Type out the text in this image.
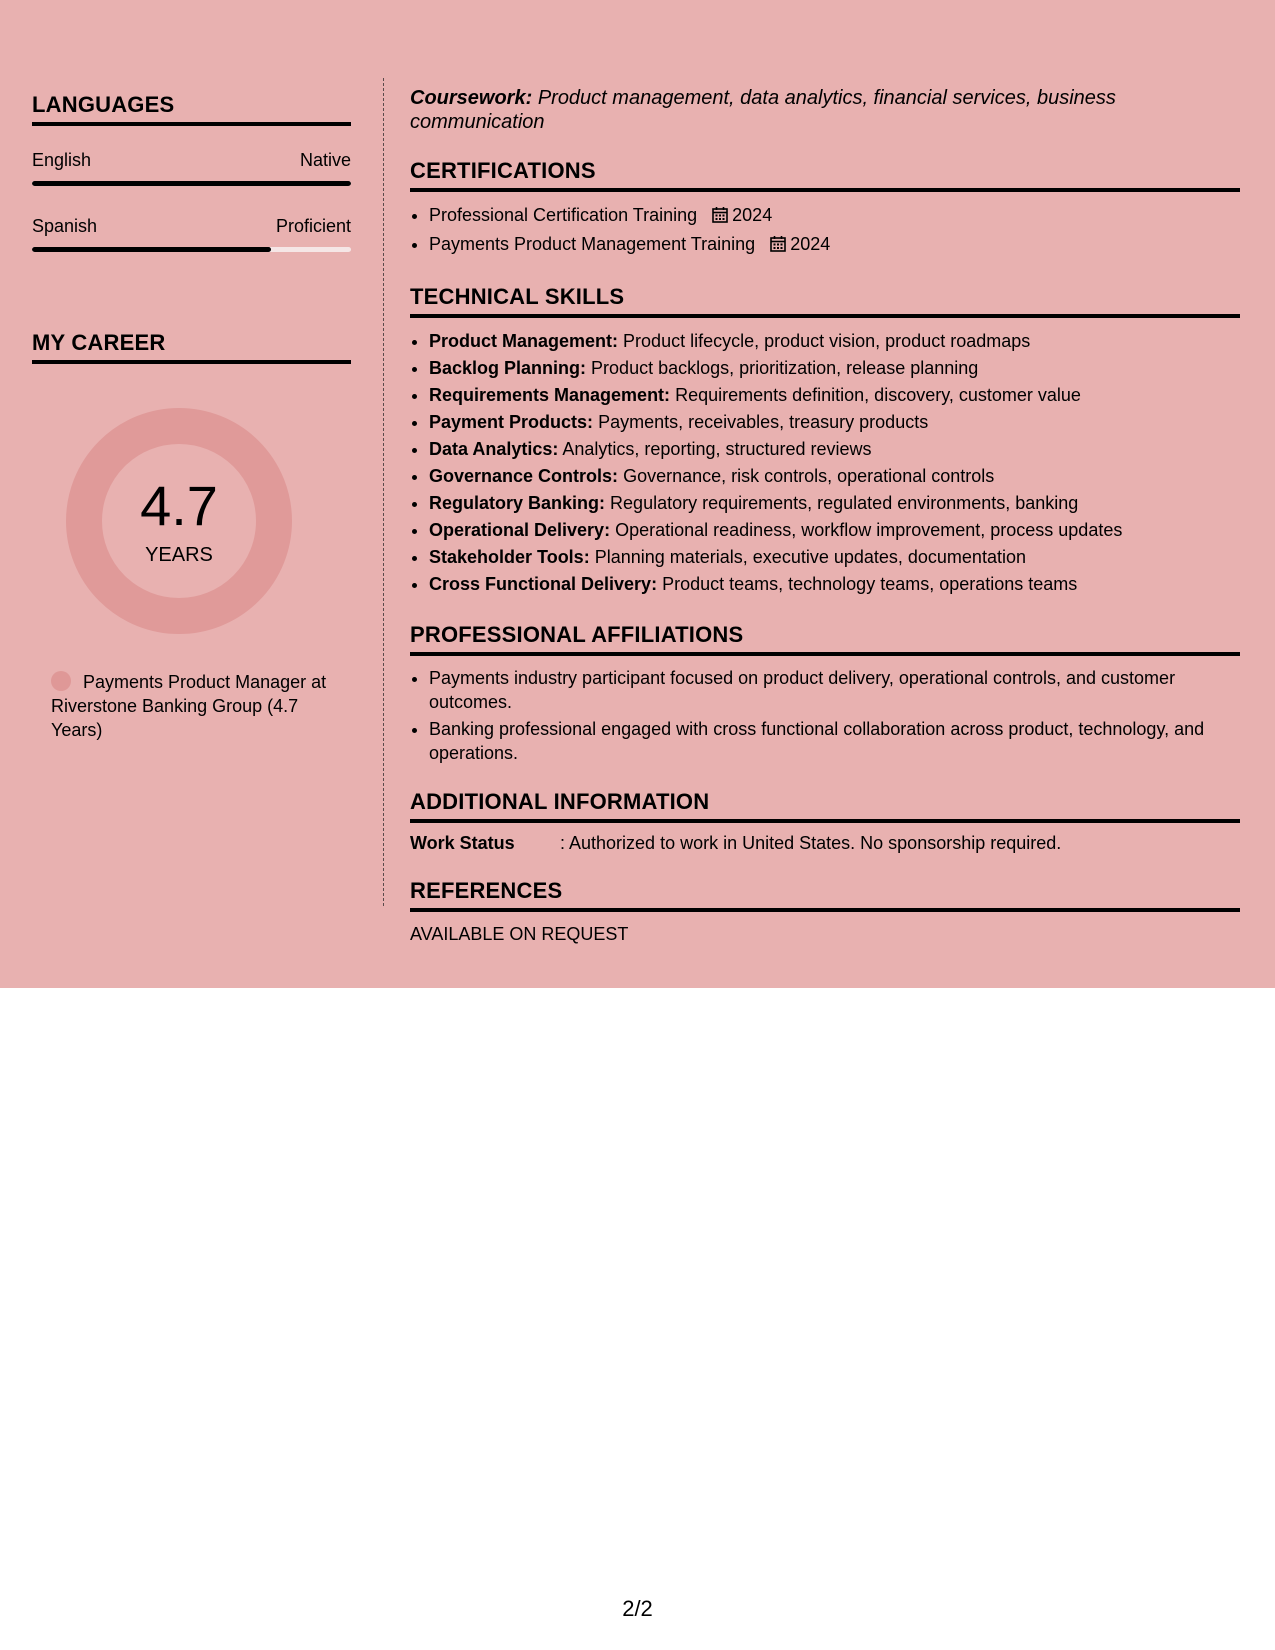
LANGUAGES
English	Native
Spanish	Proficient
MY CAREER
4.7
YEARS
Payments Product Manager at Riverstone Banking Group (4.7 Years)

Coursework: Product management, data analytics, financial services, business communication

CERTIFICATIONS
• Professional Certification Training 2024
• Payments Product Management Training 2024
TECHNICAL SKILLS
• Product Management: Product lifecycle, product vision, product roadmaps
• Backlog Planning: Product backlogs, prioritization, release planning
• Requirements Management: Requirements definition, discovery, customer value
• Payment Products: Payments, receivables, treasury products
• Data Analytics: Analytics, reporting, structured reviews
• Governance Controls: Governance, risk controls, operational controls
• Regulatory Banking: Regulatory requirements, regulated environments, banking
• Operational Delivery: Operational readiness, workflow improvement, process updates
• Stakeholder Tools: Planning materials, executive updates, documentation
• Cross Functional Delivery: Product teams, technology teams, operations teams
PROFESSIONAL AFFILIATIONS
• Payments industry participant focused on product delivery, operational controls, and customer outcomes.
• Banking professional engaged with cross functional collaboration across product, technology, and operations.
ADDITIONAL INFORMATION
Work Status	: Authorized to work in United States. No sponsorship required.
REFERENCES
AVAILABLE ON REQUEST
2/2
